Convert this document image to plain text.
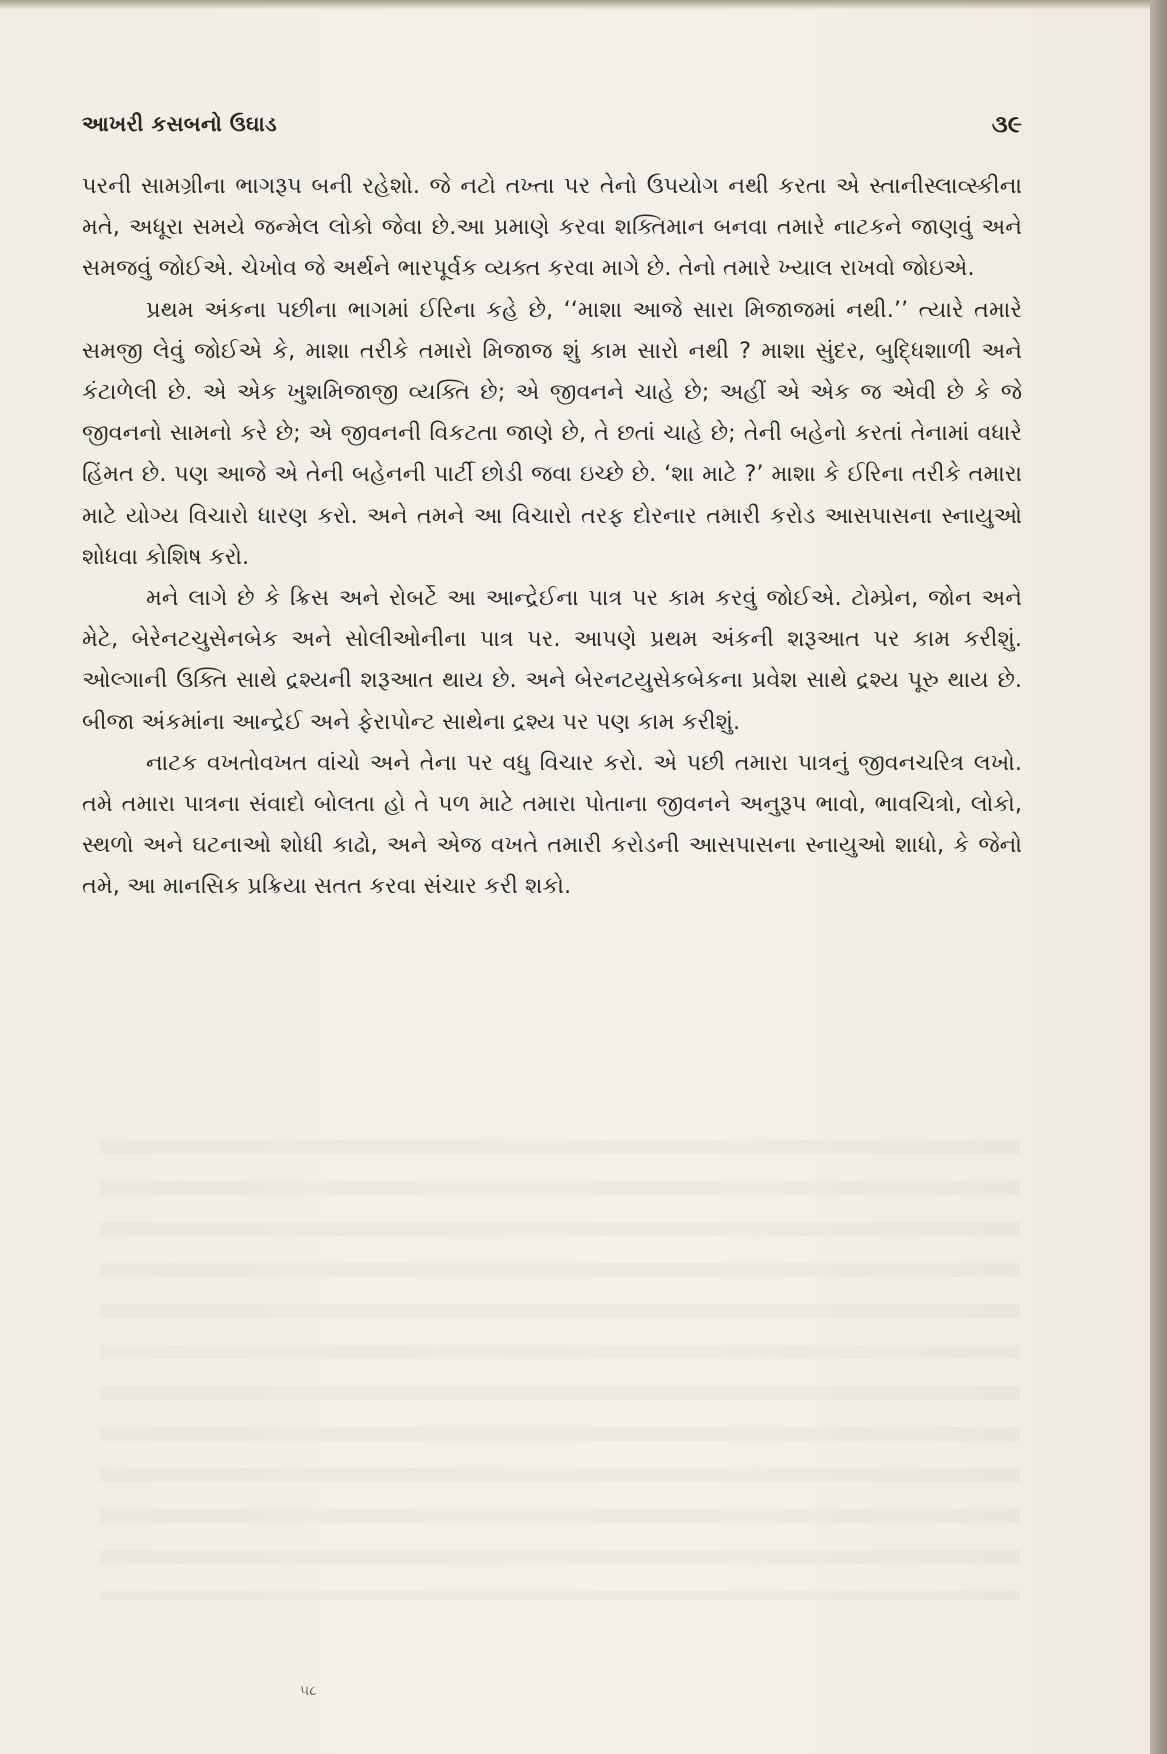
આખરી કસબનો ઉઘાડ	૩૯

પરની સામગ્રીના ભાગરૂપ બની રહેશો. જે નટો તખ્તા પર તેનો ઉપયોગ નથી કરતા એ સ્તાનીસ્લાવ્સ્કીના મતે, અધૂરા સમયે જન્મેલ લોકો જેવા છે.આ પ્રમાણે કરવા શક્તિમાન બનવા તમારે નાટકને જાણવું અને સમજવું જોઈએ. ચેખોવ જે અર્થને ભારપૂર્વક વ્યક્ત કરવા માગે છે. તેનો તમારે ખ્યાલ રાખવો જોઇએ.

પ્રથમ અંકના પછીના ભાગમાં ઈરિના કહે છે, ‘‘માશા આજે સારા મિજાજમાં નથી.’’ ત્યારે તમારે સમજી લેવું જોઈએ કે, માશા તરીકે તમારો મિજાજ શું કામ સારો નથી ? માશા સુંદર, બુદ્ધિશાળી અને કંટાળેલી છે. એ એક ખુશમિજાજી વ્યક્તિ છે; એ જીવનને ચાહે છે; અહીં એ એક જ એવી છે કે જે જીવનનો સામનો કરે છે; એ જીવનની વિકટતા જાણે છે, તે છતાં ચાહે છે; તેની બહેનો કરતાં તેનામાં વધારે હિંમત છે. પણ આજે એ તેની બહેનની પાર્ટી છોડી જવા ઇચ્છે છે. ‘શા માટે ?’ માશા કે ઈરિના તરીકે તમારા માટે યોગ્ય વિચારો ધારણ કરો. અને તમને આ વિચારો તરફ દોરનાર તમારી કરોડ આસપાસના સ્નાયુઓ શોધવા કોશિષ કરો.

મને લાગે છે કે ક્રિસ અને રોબર્ટે આ આન્દ્રેઈના પાત્ર પર કામ કરવું જોઈએ. ટોમ્પ્રેન, જોન અને મેટે, બેરેનટચુસેનબેક અને સોલીઓનીના પાત્ર પર. આપણે પ્રથમ અંકની શરૂઆત પર કામ કરીશું. ઓલ્ગાની ઉક્તિ સાથે દ્રશ્યની શરૂઆત થાય છે. અને બેરનટયુસેકબેકના પ્રવેશ સાથે દ્રશ્ય પૂરુ થાય છે. બીજા અંકમાંના આન્દ્રેઈ અને ફેરાપોન્ટ સાથેના દ્રશ્ય પર પણ કામ કરીશું.

નાટક વખતોવખત વાંચો અને તેના પર વધુ વિચાર કરો. એ પછી તમારા પાત્રનું જીવનચરિત્ર લખો. તમે તમારા પાત્રના સંવાદો બોલતા હો તે પળ માટે તમારા પોતાના જીવનને અનુરૂપ ભાવો, ભાવચિત્રો, લોકો, સ્થળો અને ઘટનાઓ શોધી કાઢો, અને એજ વખતે તમારી કરોડની આસપાસના સ્નાયુઓ શાધો, કે જેનો તમે, આ માનસિક પ્રક્રિયા સતત કરવા સંચાર કરી શકો.

૫૮
